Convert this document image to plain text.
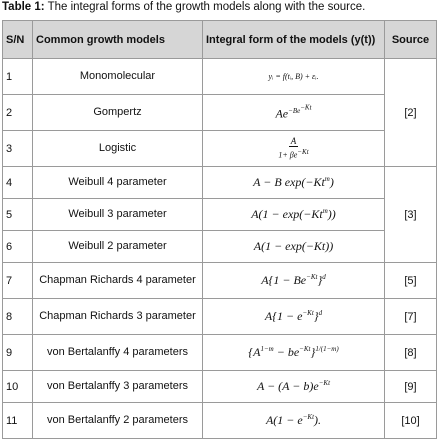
Table 1: The integral forms of the growth models along with the source.
S/N	Common growth models	Integral form of the models (y(t))	Source
1	Monomolecular	yᵢ = f(tᵢ, B) + εᵢ.	[2]
2	Gompertz	$Ae^{-Be^{-Kt}}$
3	Logistic	$\frac{A}{1+ \beta e^{-Kt}}$

4	Weibull 4 parameter	A − B $\exp(-Kt^m)$	[3]
5	Weibull 3 parameter	$A(1 - \exp(-Kt^m))$	
6	Weibull 2 parameter	A(1 − exp(−Kt))	
7	Chapman Richards 4 parameter	$A\{1 - Be^{-Kt}\}^d$	[5]
8	Chapman Richards 3 parameter	$A\{1 - e^{-Kt}\}^d$	[7]
9	von Bertalanffy 4 parameters	$\{A^{1-m} - be^{-Kt}\}^{1/(1-m)}$	[8]
10	von Bertalanffy 3 parameters	$A - (A - b)e^{-Kt}$	[9]
11	von Bertalanffy 2 parameters	$A(1 - e^{-Kt})$.	[10]
